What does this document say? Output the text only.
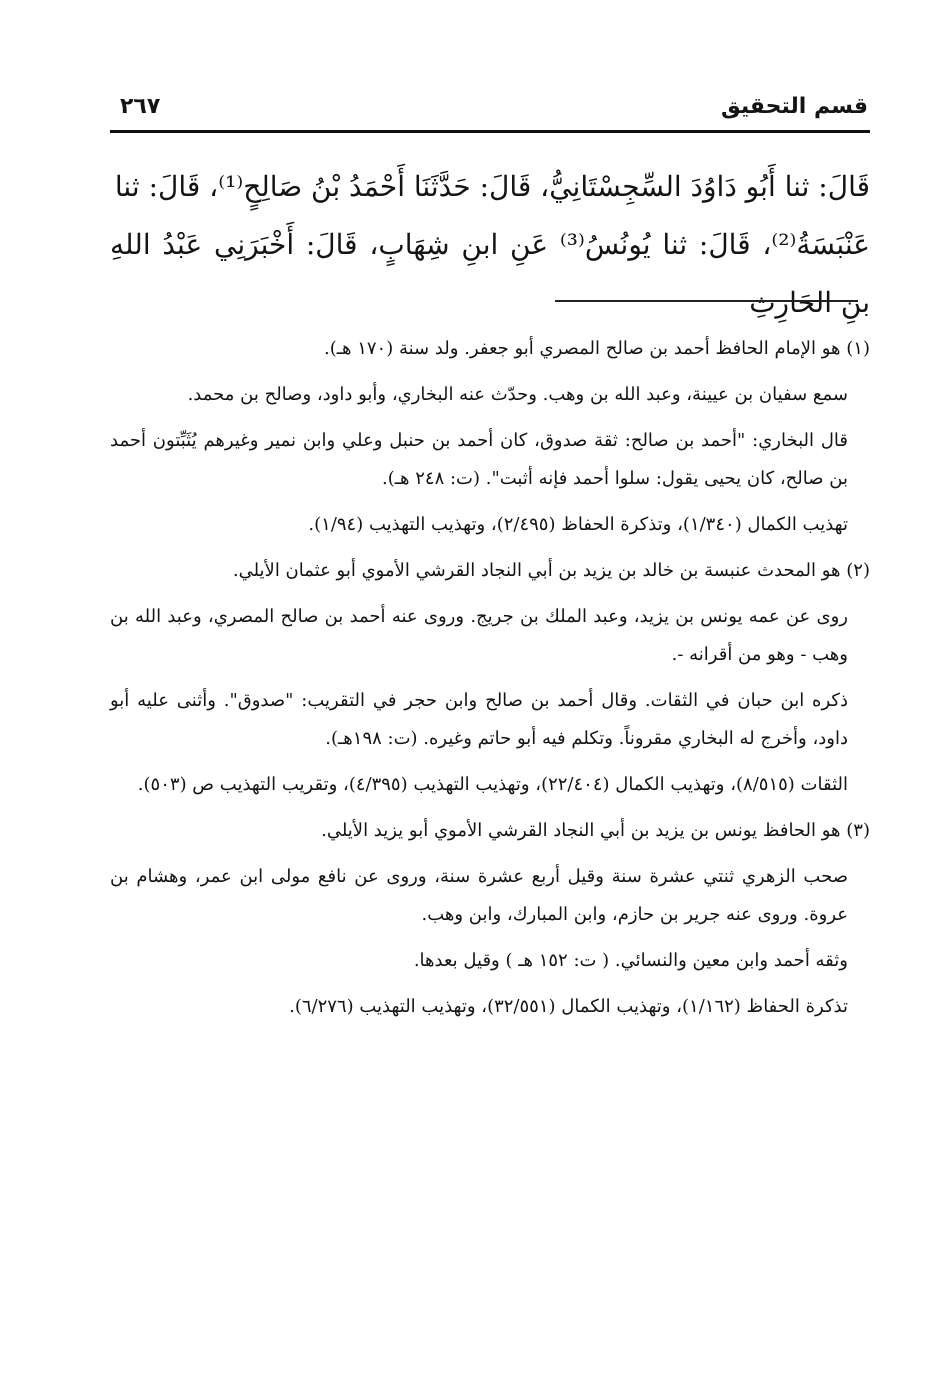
قسم التحقيق
٢٦٧

قَالَ: ثنا أَبُو دَاوُدَ السِّجِسْتَانِيُّ، قَالَ: حَدَّثَنَا أَحْمَدُ بْنُ صَالِحٍ⁽¹⁾، قَالَ: ثنا

عَنْبَسَةُ⁽²⁾، قَالَ: ثنا يُونُسُ⁽³⁾ عَنِ ابنِ شِهَابٍ، قَالَ: أَخْبَرَنِي عَبْدُ اللهِ بنِ الحَارِثِ

(١) هو الإمام الحافظ أحمد بن صالح المصري أبو جعفر. ولد سنة (١٧٠ هـ).

سمع سفيان بن عيينة، وعبد الله بن وهب. وحدّث عنه البخاري، وأبو داود، وصالح بن محمد.

قال البخاري: "أحمد بن صالح: ثقة صدوق، كان أحمد بن حنبل وعلي وابن نمير وغيرهم يُثَبِّتون أحمد بن صالح، كان يحيى يقول: سلوا أحمد فإنه أثبت". (ت: ٢٤٨ هـ).

تهذيب الكمال (١/٣٤٠)، وتذكرة الحفاظ (٢/٤٩٥)، وتهذيب التهذيب (١/٩٤).

(٢) هو المحدث عنبسة بن خالد بن يزيد بن أبي النجاد القرشي الأموي أبو عثمان الأيلي.

روى عن عمه يونس بن يزيد، وعبد الملك بن جريج. وروى عنه أحمد بن صالح المصري، وعبد الله بن وهب - وهو من أقرانه -.

ذكره ابن حبان في الثقات. وقال أحمد بن صالح وابن حجر في التقريب: "صدوق". وأثنى عليه أبو داود، وأخرج له البخاري مقروناً. وتكلم فيه أبو حاتم وغيره. (ت: ١٩٨هـ).

الثقات (٨/٥١٥)، وتهذيب الكمال (٢٢/٤٠٤)، وتهذيب التهذيب (٤/٣٩٥)، وتقريب التهذيب ص (٥٠٣).

(٣) هو الحافظ يونس بن يزيد بن أبي النجاد القرشي الأموي أبو يزيد الأيلي.

صحب الزهري ثنتي عشرة سنة وقيل أربع عشرة سنة، وروى عن نافع مولى ابن عمر، وهشام بن عروة. وروى عنه جرير بن حازم، وابن المبارك، وابن وهب.

وثقه أحمد وابن معين والنسائي. ( ت: ١٥٢ هـ ) وقيل بعدها.

تذكرة الحفاظ (١/١٦٢)، وتهذيب الكمال (٣٢/٥٥١)، وتهذيب التهذيب (٦/٢٧٦).
